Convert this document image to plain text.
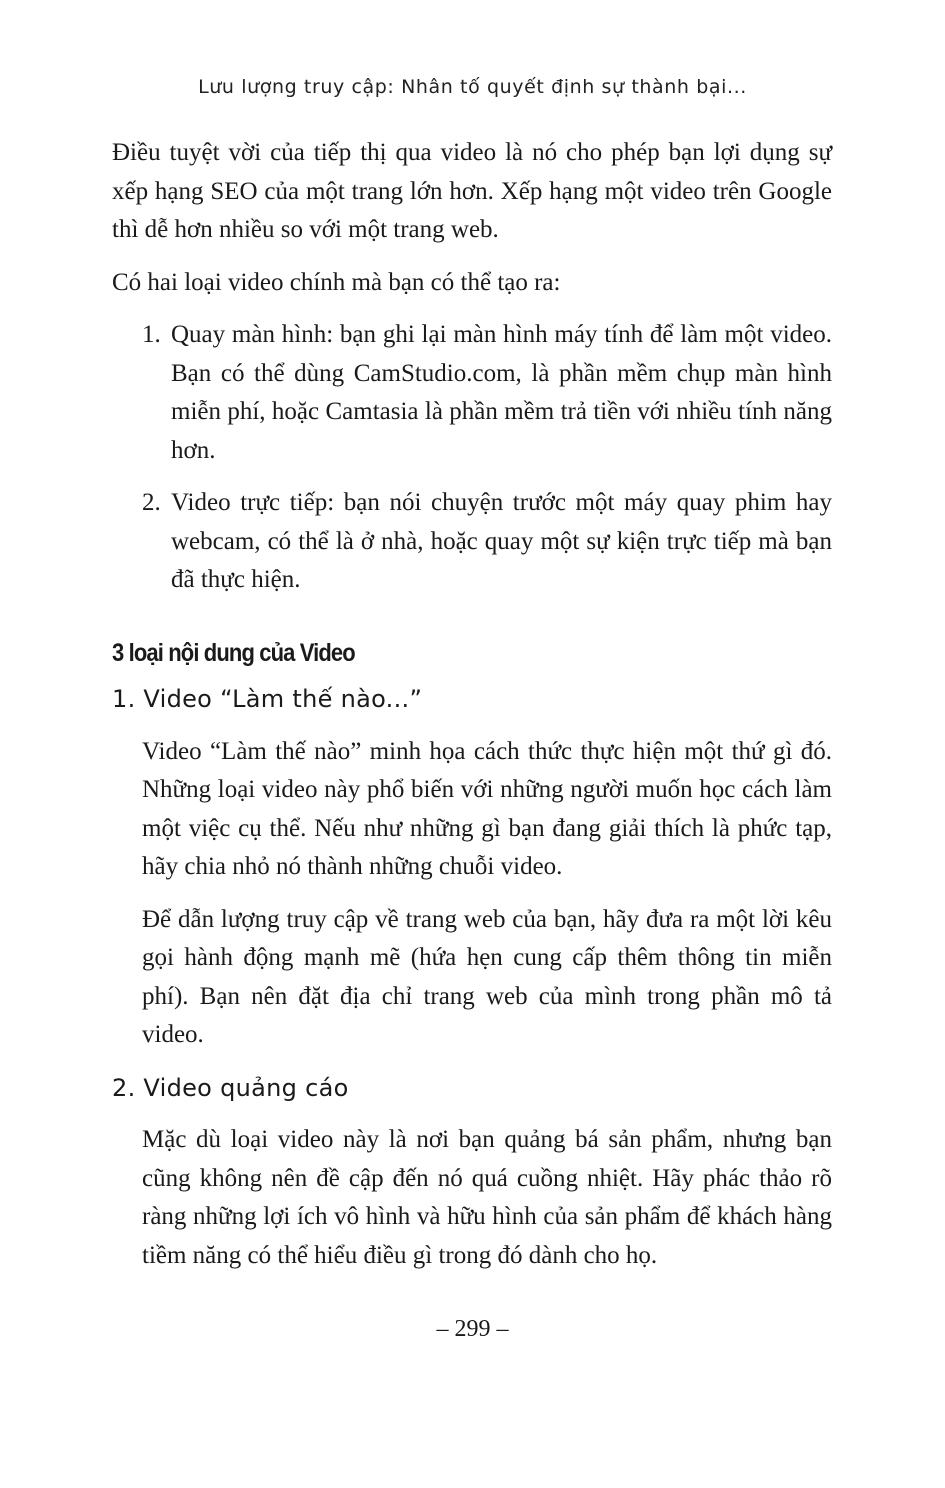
Lưu lượng truy cập: Nhân tố quyết định sự thành bại...

Điều tuyệt vời của tiếp thị qua video là nó cho phép bạn lợi dụng sự xếp hạng SEO của một trang lớn hơn. Xếp hạng một video trên Google thì dễ hơn nhiều so với một trang web.

Có hai loại video chính mà bạn có thể tạo ra:

1. Quay màn hình: bạn ghi lại màn hình máy tính để làm một video. Bạn có thể dùng CamStudio.com, là phần mềm chụp màn hình miễn phí, hoặc Camtasia là phần mềm trả tiền với nhiều tính năng hơn.
2. Video trực tiếp: bạn nói chuyện trước một máy quay phim hay webcam, có thể là ở nhà, hoặc quay một sự kiện trực tiếp mà bạn đã thực hiện.
3 loại nội dung của Video
1. Video “Làm thế nào...”

Video “Làm thế nào” minh họa cách thức thực hiện một thứ gì đó. Những loại video này phổ biến với những người muốn học cách làm một việc cụ thể. Nếu như những gì bạn đang giải thích là phức tạp, hãy chia nhỏ nó thành những chuỗi video.

Để dẫn lượng truy cập về trang web của bạn, hãy đưa ra một lời kêu gọi hành động mạnh mẽ (hứa hẹn cung cấp thêm thông tin miễn phí). Bạn nên đặt địa chỉ trang web của mình trong phần mô tả video.

2. Video quảng cáo

Mặc dù loại video này là nơi bạn quảng bá sản phẩm, nhưng bạn cũng không nên đề cập đến nó quá cuồng nhiệt. Hãy phác thảo rõ ràng những lợi ích vô hình và hữu hình của sản phẩm để khách hàng tiềm năng có thể hiểu điều gì trong đó dành cho họ.

– 299 –
